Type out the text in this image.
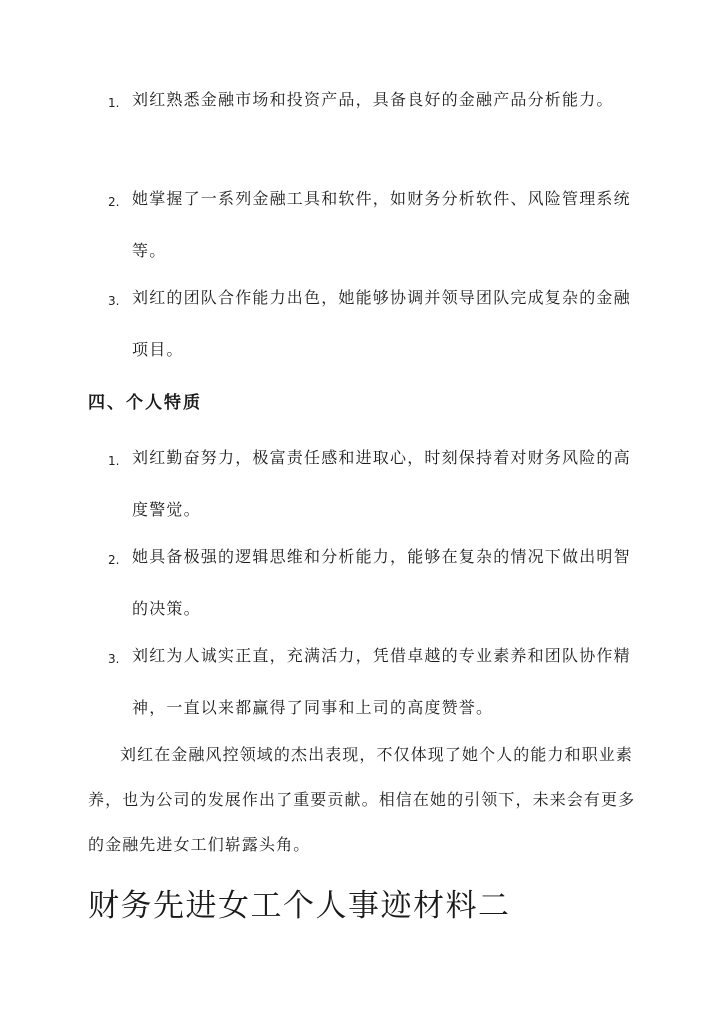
1. 刘红熟悉金融市场和投资产品，具备良好的金融产品分析能力。
2. 她掌握了一系列金融工具和软件，如财务分析软件、风险管理系统等。
3. 刘红的团队合作能力出色，她能够协调并领导团队完成复杂的金融项目。
四、个人特质
1. 刘红勤奋努力，极富责任感和进取心，时刻保持着对财务风险的高度警觉。
2. 她具备极强的逻辑思维和分析能力，能够在复杂的情况下做出明智的决策。
3. 刘红为人诚实正直，充满活力，凭借卓越的专业素养和团队协作精神，一直以来都赢得了同事和上司的高度赞誉。
刘红在金融风控领域的杰出表现，不仅体现了她个人的能力和职业素养，也为公司的发展作出了重要贡献。相信在她的引领下，未来会有更多的金融先进女工们崭露头角。
财务先进女工个人事迹材料二
